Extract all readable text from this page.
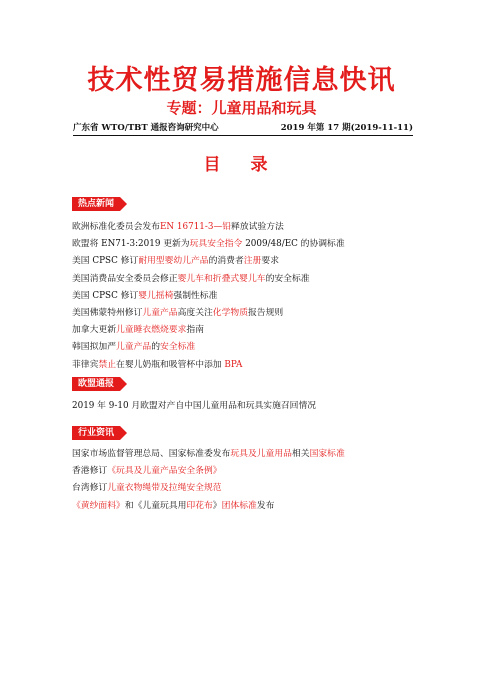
技术性贸易措施信息快讯
专题：儿童用品和玩具
广东省 WTO/TBT 通报咨询研究中心	2019 年第 17 期(2019-11-11)
目 录
热点新闻
欧洲标准化委员会发布EN 16711-3—铅释放试验方法
欧盟将 EN71-3:2019 更新为玩具安全指令 2009/48/EC 的协调标准
美国 CPSC 修订耐用型婴幼儿产品的消费者注册要求
美国消费品安全委员会修正婴儿车和折叠式婴儿车的安全标准
美国 CPSC 修订婴儿摇椅强制性标准
美国佛蒙特州修订儿童产品高度关注化学物质报告规则
加拿大更新儿童睡衣燃烧要求指南
韩国拟加严儿童产品的安全标准
菲律宾禁止在婴儿奶瓶和吸管杯中添加 BPA
欧盟通报
2019 年 9-10 月欧盟对产自中国儿童用品和玩具实施召回情况
行业资讯
国家市场监督管理总局、国家标准委发布玩具及儿童用品相关国家标准
香港修订《玩具及儿童产品安全条例》
台湾修订儿童衣物绳带及拉绳安全规范
《黄纱面料》和《儿童玩具用印花布》团体标准发布
